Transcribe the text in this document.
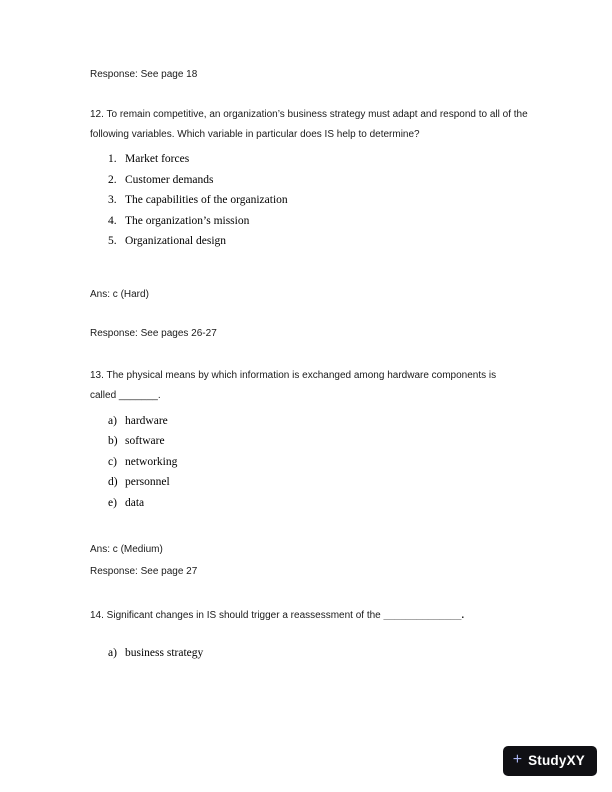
Response: See page 18
12. To remain competitive, an organization’s business strategy must adapt and respond to all of the following variables. Which variable in particular does IS help to determine?
1. Market forces
2. Customer demands
3. The capabilities of the organization
4. The organization’s mission
5. Organizational design
Ans: c (Hard)
Response: See pages 26-27
13. The physical means by which information is exchanged among hardware components is called _______.
a) hardware
b) software
c) networking
d) personnel
e) data
Ans: c (Medium)
Response: See page 27
14. Significant changes in IS should trigger a reassessment of the ______________.
a) business strategy
+ StudyXY
